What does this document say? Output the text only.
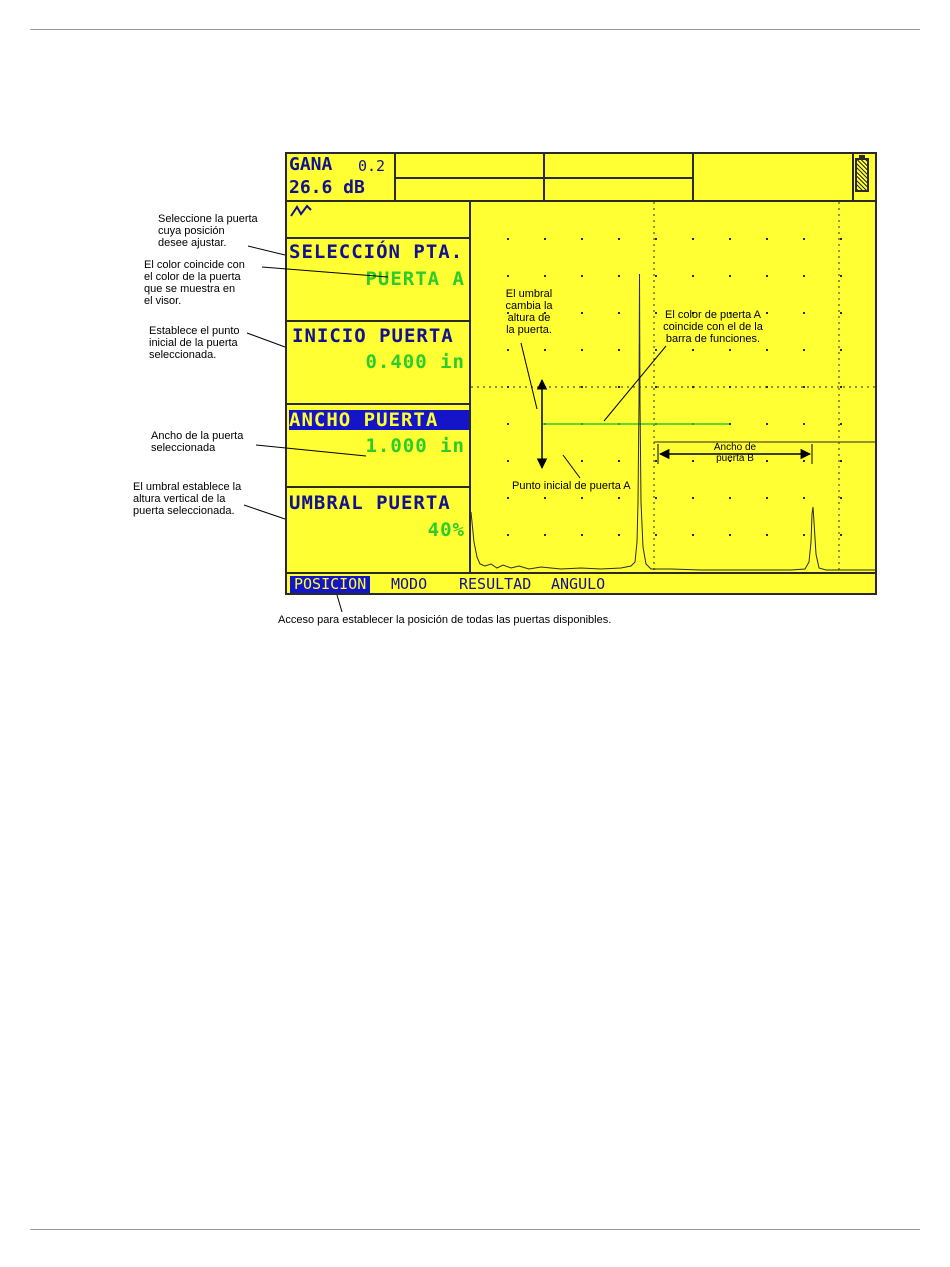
Seleccione la puerta
cuya posición
desee ajustar.
El color coincide con
el color de la puerta
que se muestra en
el visor.
Establece el punto
inicial de la puerta
seleccionada.
Ancho de la puerta
seleccionada
El umbral establece la
altura vertical de la
puerta seleccionada.
GANA 0.2
26.6 dB
SELECCIÓN PTA.
PUERTA A
INICIO PUERTA
0.400 in
ANCHO PUERTA
1.000 in
UMBRAL PUERTA
40%
POSICION MODO RESULTAD ANGULO
El umbral
cambia la
altura de
la puerta.
El color de puerta A
coincide con el de la
barra de funciones.
Ancho de
puerta B
Punto inicial de puerta A
Acceso para establecer la posición de todas las puertas disponibles.
